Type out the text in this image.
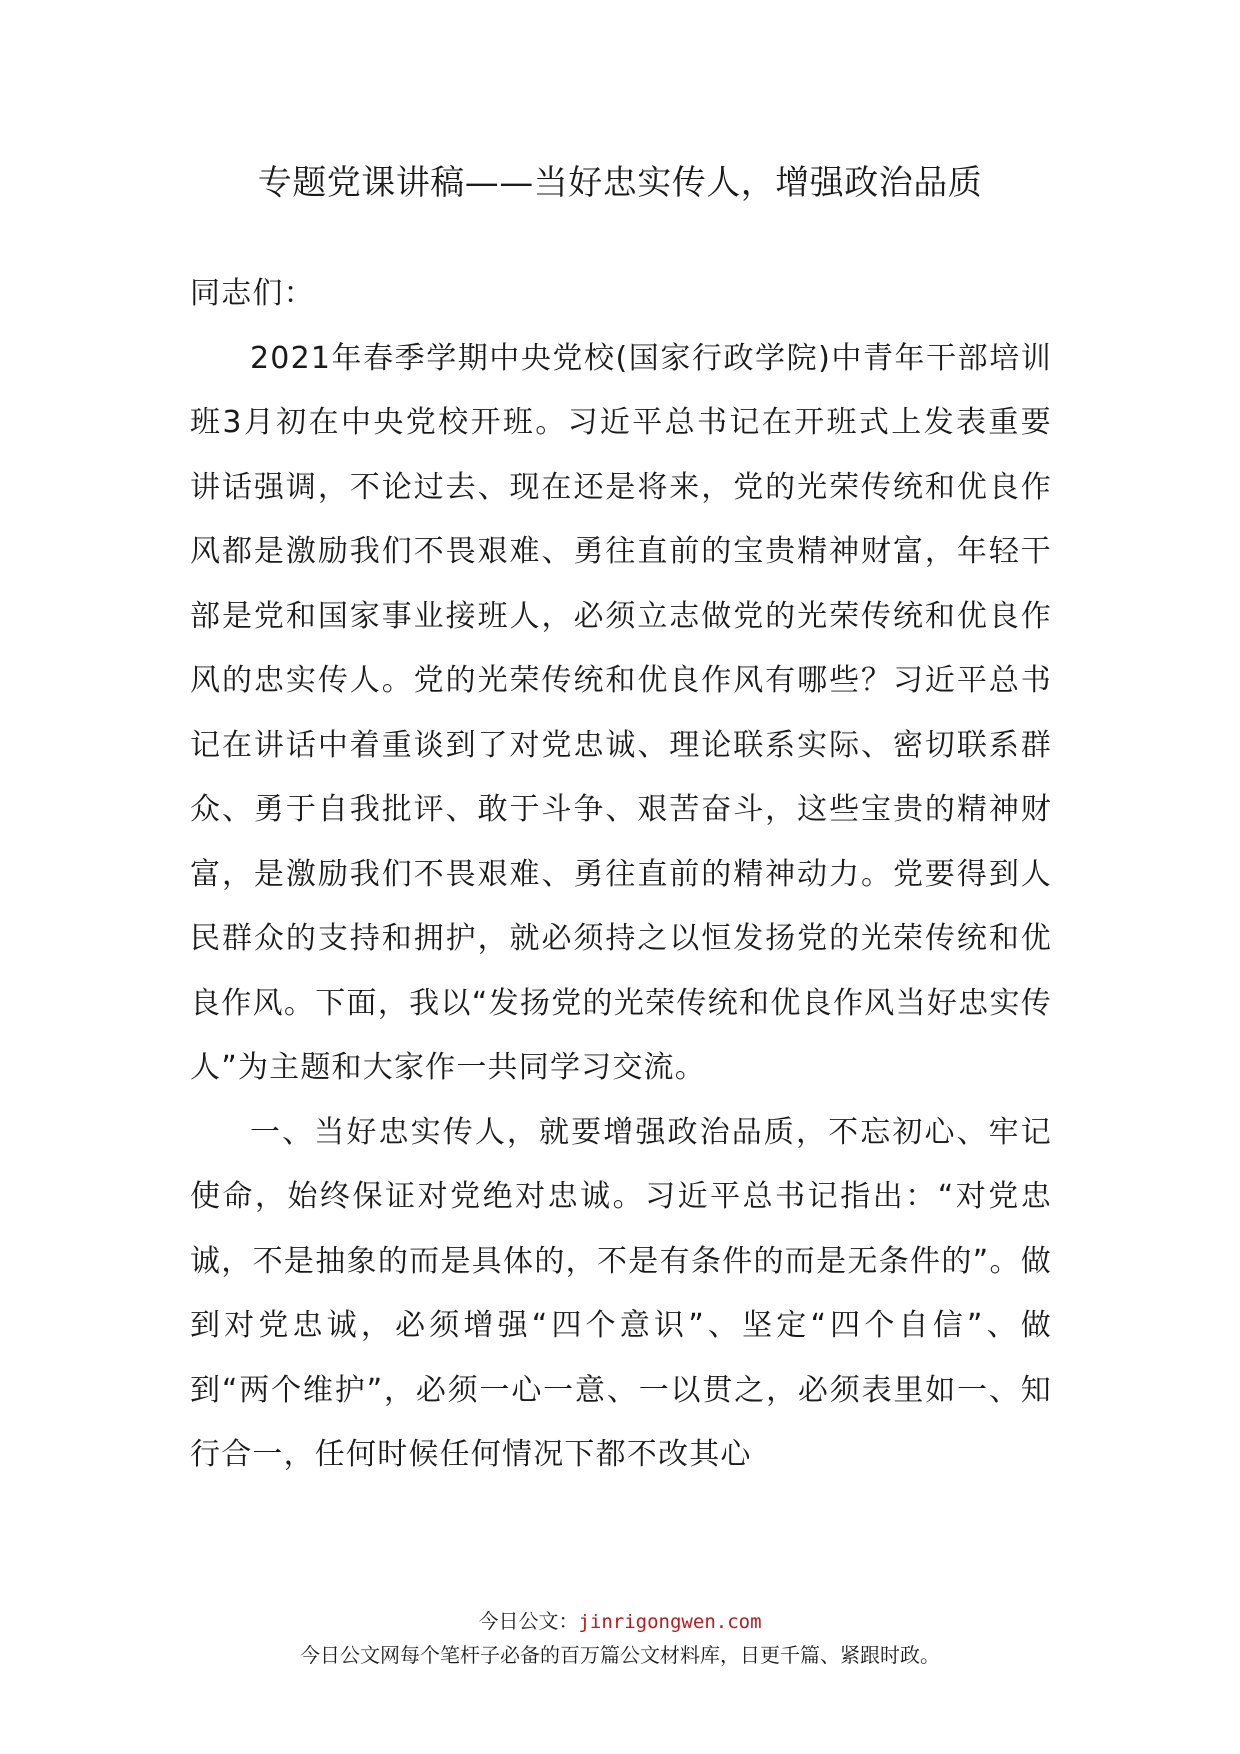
专题党课讲稿——当好忠实传人，增强政治品质

同志们：

2021年春季学期中央党校(国家行政学院)中青年干部培训班3月初在中央党校开班。习近平总书记在开班式上发表重要讲话强调，不论过去、现在还是将来，党的光荣传统和优良作风都是激励我们不畏艰难、勇往直前的宝贵精神财富，年轻干部是党和国家事业接班人，必须立志做党的光荣传统和优良作风的忠实传人。党的光荣传统和优良作风有哪些？习近平总书记在讲话中着重谈到了对党忠诚、理论联系实际、密切联系群众、勇于自我批评、敢于斗争、艰苦奋斗，这些宝贵的精神财富，是激励我们不畏艰难、勇往直前的精神动力。党要得到人民群众的支持和拥护，就必须持之以恒发扬党的光荣传统和优良作风。下面，我以“发扬党的光荣传统和优良作风当好忠实传人”为主题和大家作一共同学习交流。

一、当好忠实传人，就要增强政治品质，不忘初心、牢记使命，始终保证对党绝对忠诚。习近平总书记指出：“对党忠诚，不是抽象的而是具体的，不是有条件的而是无条件的”。做到对党忠诚，必须增强“四个意识”、坚定“四个自信”、做到“两个维护”，必须一心一意、一以贯之，必须表里如一、知行合一，任何时候任何情况下都不改其心

今日公文：jinrigongwen.com
今日公文网每个笔杆子必备的百万篇公文材料库，日更千篇、紧跟时政。
